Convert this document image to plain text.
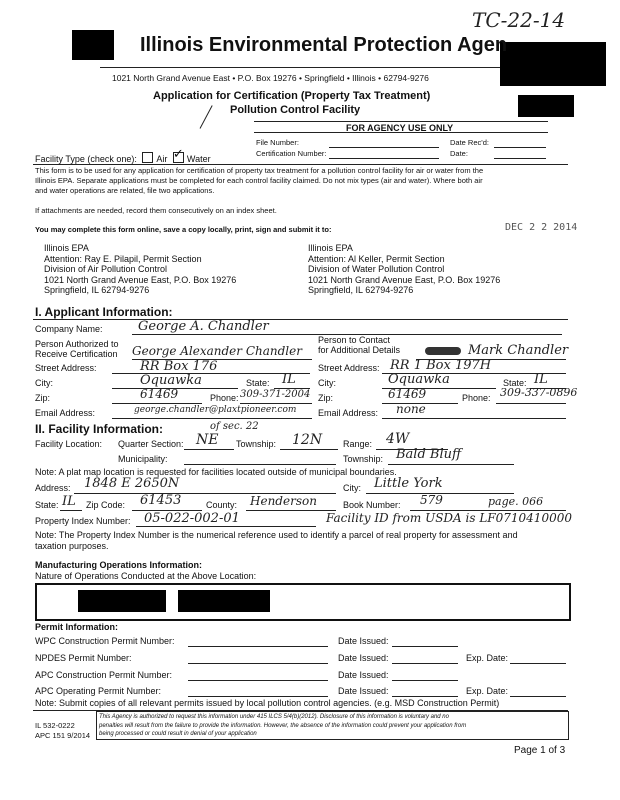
TC-22-14
Illinois Environmental Protection Agen
1021 North Grand Avenue East • P.O. Box 19276 • Springfield • Illinois • 62794-9276
Application for Certification (Property Tax Treatment)
Pollution Control Facility
FOR AGENCY USE ONLY
File Number:
Certification Number:
Date Rec'd:
Date:
Facility Type (check one): Air ✓ Water
This form is to be used for any application for certification of property tax treatment for a pollution control facility for air or water from the
Illinois EPA. Separate applications must be completed for each control facility claimed. Do not mix types (air and water). Where both air
and water operations are related, file two applications.
If attachments are needed, record them consecutively on an index sheet.
You may complete this form online, save a copy locally, print, sign and submit it to:	DEC 2 2 2014
Illinois EPA
Attention: Ray E. Pilapil, Permit Section
Division of Air Pollution Control
1021 North Grand Avenue East, P.O. Box 19276
Springfield, IL 62794-9276
Illinois EPA
Attention: Al Keller, Permit Section
Division of Water Pollution Control
1021 North Grand Avenue East, P.O. Box 19276
Springfield, IL 62794-9276
I. Applicant Information:
Company Name:	George A. Chandler
Person Authorized to
Receive Certification George Alexander Chandler
Person to Contact
for Additional Details	Mark Chandler
Street Address:	RR Box 176	Street Address: RR 1 Box 197H
City:	Oquawka	State: IL City:	Oquawka	State: IL
Zip:	61469	Phone: 309-371-2004 Zip:	61469	Phone: 309-337-0896
Email Address:	george.chandler@plaxtpioneer.com Email Address: none
II. Facility Information:
Facility Location: Quarter Section: NE
of sec. 22
Township: 12N Range: 4W
Municipality:	Township: Bald Bluff
Note: A plat map location is requested for facilities located outside of municipal boundaries.
Address: 1848 E 2650N	City: Little York
State: IL Zip Code: 61453	County: Henderson	Book Number: 579	page. 066
Property Index Number: 05-022-002-01	Facility ID from USDA is LF0710410000
Note: The Property Index Number is the numerical reference used to identify a parcel of real property for assessment and
taxation purposes.
Manufacturing Operations Information:
Nature of Operations Conducted at the Above Location:
Permit Information:
WPC Construction Permit Number:	Date Issued:
NPDES Permit Number:	Date Issued:	Exp. Date:
APC Construction Permit Number:	Date Issued:
APC Operating Permit Number:	Date Issued:	Exp. Date:
Note: Submit copies of all relevant permits issued by local pollution control agencies. (e.g. MSD Construction Permit)
IL 532-0222
APC 151 9/2014
This Agency is authorized to request this information under 415 ILCS 5/4(b)(2012). Disclosure of this information is voluntary and no
penalties will result from the failure to provide the information. However, the absence of the information could prevent your application from
being processed or could result in denial of your application
Page 1 of 3
